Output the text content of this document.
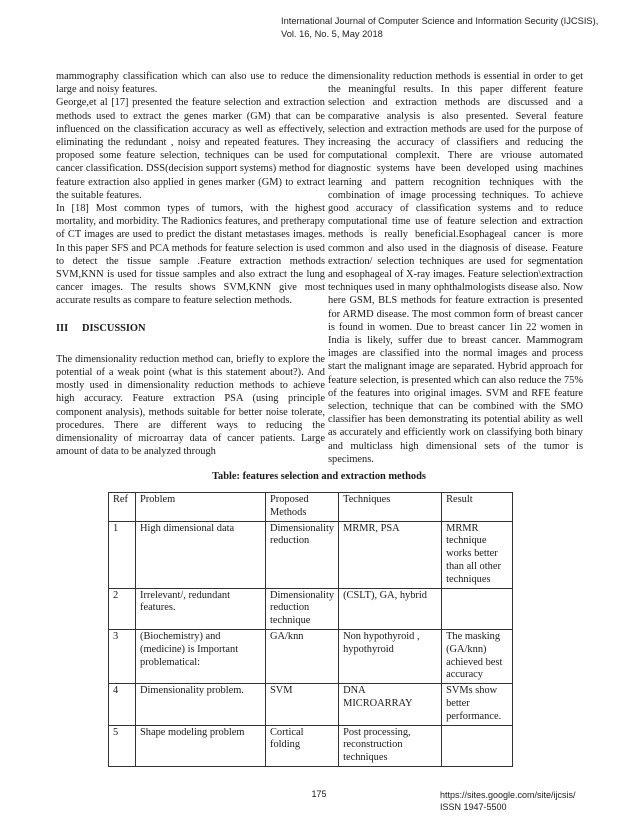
International Journal of Computer Science and Information Security (IJCSIS),
Vol. 16, No. 5, May 2018

mammography classification which can also use to reduce the large and noisy features.

George,et al [17] presented the feature selection and extraction methods used to extract the genes marker (GM) that can be influenced on the classification accuracy as well as effectively, eliminating the redundant , noisy and repeated features. They proposed some feature selection, techniques can be used for cancer classification. DSS(decision support systems) method for feature extraction also applied in genes marker (GM) to extract the suitable features.

In [18] Most common types of tumors, with the highest mortality, and morbidity. The Radionics features, and pretherapy of CT images are used to predict the distant metastases images. In this paper SFS and PCA methods for feature selection is used to detect the tissue sample .Feature extraction methods SVM,KNN is used for tissue samples and also extract the lung cancer images. The results shows SVM,KNN give most accurate results as compare to feature selection methods.

III DISCUSSION

The dimensionality reduction method can, briefly to explore the potential of a weak point (what is this statement about?). And mostly used in dimensionality reduction methods to achieve high accuracy. Feature extraction PSA (using principle component analysis), methods suitable for better noise tolerate, procedures. There are different ways to reducing the dimensionality of microarray data of cancer patients. Large amount of data to be analyzed through

dimensionality reduction methods is essential in order to get the meaningful results. In this paper different feature selection and extraction methods are discussed and a comparative analysis is also presented. Several feature selection and extraction methods are used for the purpose of increasing the accuracy of classifiers and reducing the computational complexit. There are vriouse automated diagnostic systems have been developed using machines learning and pattern recognition techniques with the combination of image processing techniques. To achieve good accuracy of classification systems and to reduce computational time use of feature selection and extraction methods is really beneficial.Esophageal cancer is more common and also used in the diagnosis of disease. Feature extraction/ selection techniques are used for segmentation and esophageal of X-ray images. Feature selection\extraction techniques used in many ophthalmologists disease also. Now here GSM, BLS methods for feature extraction is presented for ARMD disease. The most common form of breast cancer is found in women. Due to breast cancer 1in 22 women in India is likely, suffer due to breast cancer. Mammogram images are classified into the normal images and process start the malignant image are separated. Hybrid approach for feature selection, is presented which can also reduce the 75% of the features into original images. SVM and RFE feature selection, technique that can be combined with the SMO classifier has been demonstrating its potential ability as well as accurately and efficiently work on classifying both binary and multiclass high dimensional sets of the tumor is specimens.

Table: features selection and extraction methods
Ref	Problem	Proposed Methods	Techniques	Result
1	High dimensional data	Dimensionality reduction	MRMR, PSA	MRMR technique works better than all other techniques
2	Irrelevant/, redundant features.	Dimensionality reduction technique	(CSLT), GA, hybrid	
3	(Biochemistry) and (medicine) is Important problematical:	GA/knn	Non hypothyroid , hypothyroid	The masking (GA/knn) achieved best accuracy
4	Dimensionality problem.	SVM	DNA MICROARRAY	SVMs show better performance.
5	Shape modeling problem	Cortical folding	Post processing, reconstruction techniques	
175	https://sites.google.com/site/ijcsis/
ISSN 1947-5500
